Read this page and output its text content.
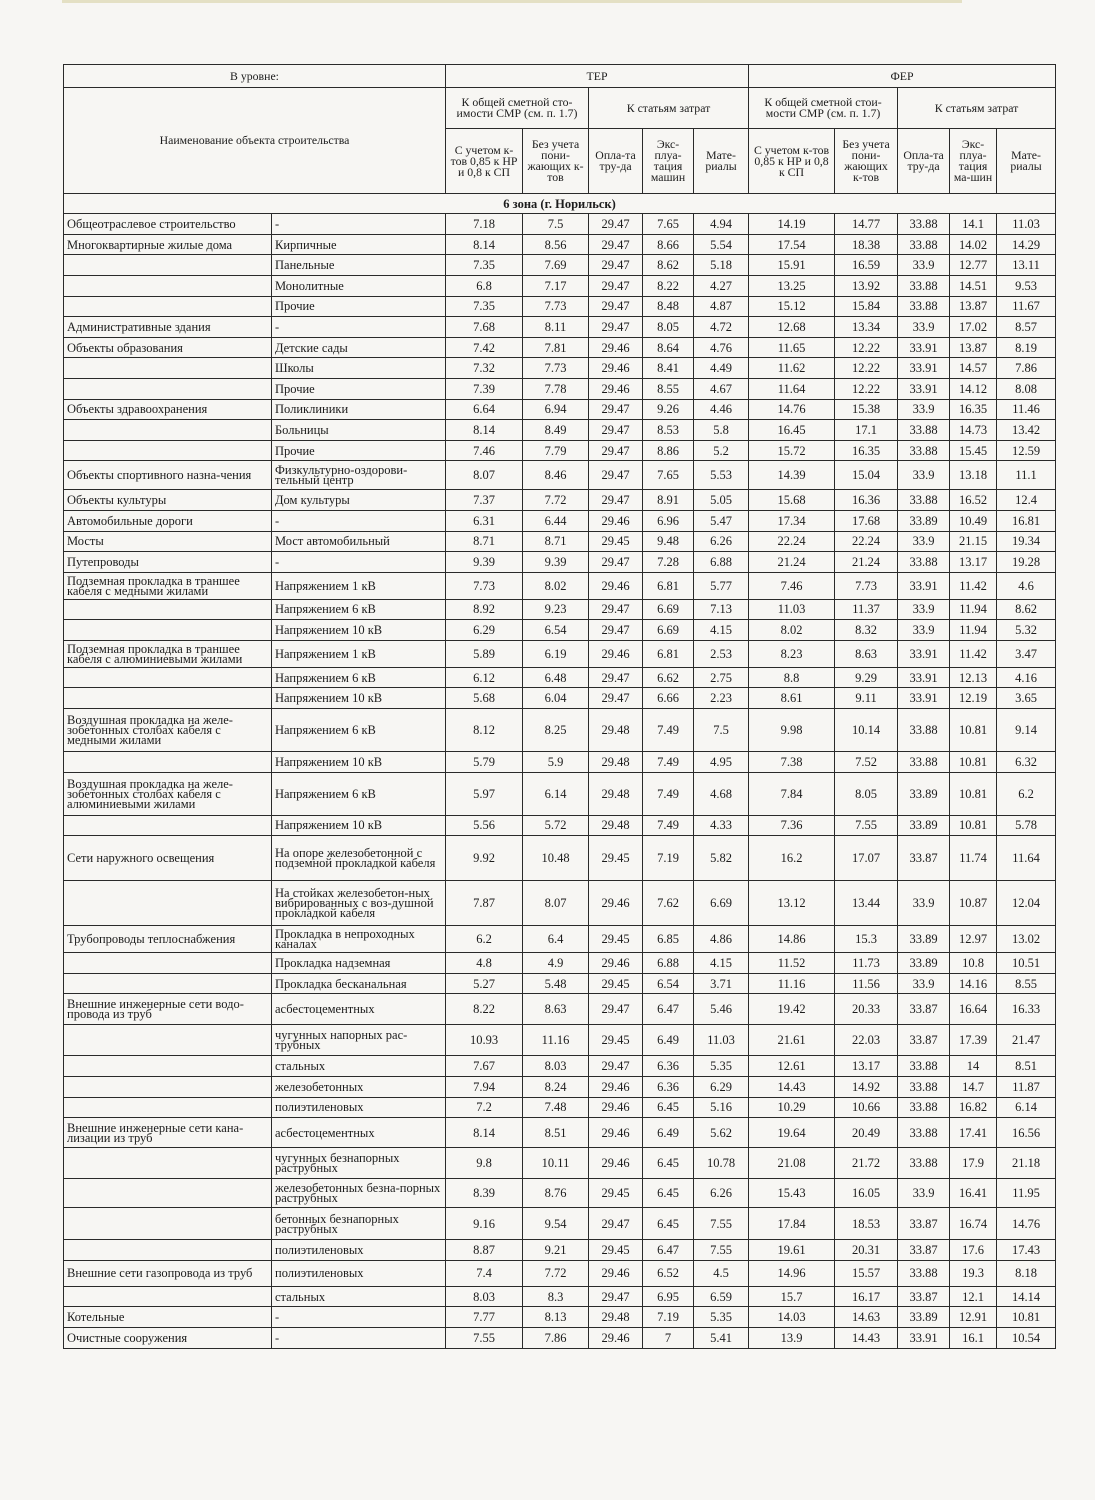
В уровне:		ТЕР					ФЕР				
Наименование объекта строительства		К общей сметной сто-имости СМР (см. п. 1.7)		К статьям затрат			К общей сметной стои-мости СМР (см. п. 1.7)		К статьям затрат		
		С учетом к-тов 0,85 к НР и 0,8 к СП	Без учета пони-жающих к-тов	Опла-та тру-да	Экс-плуа-тация машин	Мате-риалы	С учетом к-тов 0,85 к НР и 0,8 к СП	Без учета пони-жающих к-тов	Опла-та тру-да	Экс-плуа-тация ма-шин	Мате-риалы
6 зона (г. Норильск)											
Общеотраслевое строительство	-	7.18	7.5	29.47	7.65	4.94	14.19	14.77	33.88	14.1	11.03
Многоквартирные жилые дома	Кирпичные	8.14	8.56	29.47	8.66	5.54	17.54	18.38	33.88	14.02	14.29
	Панельные	7.35	7.69	29.47	8.62	5.18	15.91	16.59	33.9	12.77	13.11
	Монолитные	6.8	7.17	29.47	8.22	4.27	13.25	13.92	33.88	14.51	9.53
	Прочие	7.35	7.73	29.47	8.48	4.87	15.12	15.84	33.88	13.87	11.67
Административные здания	-	7.68	8.11	29.47	8.05	4.72	12.68	13.34	33.9	17.02	8.57
Объекты образования	Детские сады	7.42	7.81	29.46	8.64	4.76	11.65	12.22	33.91	13.87	8.19
	Школы	7.32	7.73	29.46	8.41	4.49	11.62	12.22	33.91	14.57	7.86
	Прочие	7.39	7.78	29.46	8.55	4.67	11.64	12.22	33.91	14.12	8.08
Объекты здравоохранения	Поликлиники	6.64	6.94	29.47	9.26	4.46	14.76	15.38	33.9	16.35	11.46
	Больницы	8.14	8.49	29.47	8.53	5.8	16.45	17.1	33.88	14.73	13.42
	Прочие	7.46	7.79	29.47	8.86	5.2	15.72	16.35	33.88	15.45	12.59
Объекты спортивного назна-чения	Физкультурно-оздорови-тельный центр	8.07	8.46	29.47	7.65	5.53	14.39	15.04	33.9	13.18	11.1
Объекты культуры	Дом культуры	7.37	7.72	29.47	8.91	5.05	15.68	16.36	33.88	16.52	12.4
Автомобильные дороги	-	6.31	6.44	29.46	6.96	5.47	17.34	17.68	33.89	10.49	16.81
Мосты	Мост автомобильный	8.71	8.71	29.45	9.48	6.26	22.24	22.24	33.9	21.15	19.34
Путепроводы	-	9.39	9.39	29.47	7.28	6.88	21.24	21.24	33.88	13.17	19.28
Подземная прокладка в траншее кабеля с медными жилами	Напряжением 1 кВ	7.73	8.02	29.46	6.81	5.77	7.46	7.73	33.91	11.42	4.6
	Напряжением 6 кВ	8.92	9.23	29.47	6.69	7.13	11.03	11.37	33.9	11.94	8.62
	Напряжением 10 кВ	6.29	6.54	29.47	6.69	4.15	8.02	8.32	33.9	11.94	5.32
Подземная прокладка в траншее кабеля с алюминиевыми жилами	Напряжением 1 кВ	5.89	6.19	29.46	6.81	2.53	8.23	8.63	33.91	11.42	3.47
	Напряжением 6 кВ	6.12	6.48	29.47	6.62	2.75	8.8	9.29	33.91	12.13	4.16
	Напряжением 10 кВ	5.68	6.04	29.47	6.66	2.23	8.61	9.11	33.91	12.19	3.65
Воздушная прокладка на желе-зобетонных столбах кабеля с медными жилами	Напряжением 6 кВ	8.12	8.25	29.48	7.49	7.5	9.98	10.14	33.88	10.81	9.14
	Напряжением 10 кВ	5.79	5.9	29.48	7.49	4.95	7.38	7.52	33.88	10.81	6.32
Воздушная прокладка на желе-зобетонных столбах кабеля с алюминиевыми жилами	Напряжением 6 кВ	5.97	6.14	29.48	7.49	4.68	7.84	8.05	33.89	10.81	6.2
	Напряжением 10 кВ	5.56	5.72	29.48	7.49	4.33	7.36	7.55	33.89	10.81	5.78
Сети наружного освещения	На опоре железобетонной с подземной прокладкой кабеля	9.92	10.48	29.45	7.19	5.82	16.2	17.07	33.87	11.74	11.64
	На стойках железобетон-ных вибрированных с воз-душной прокладкой кабеля	7.87	8.07	29.46	7.62	6.69	13.12	13.44	33.9	10.87	12.04
Трубопроводы теплоснабжения	Прокладка в непроходных каналах	6.2	6.4	29.45	6.85	4.86	14.86	15.3	33.89	12.97	13.02
	Прокладка надземная	4.8	4.9	29.46	6.88	4.15	11.52	11.73	33.89	10.8	10.51
	Прокладка бесканальная	5.27	5.48	29.45	6.54	3.71	11.16	11.56	33.9	14.16	8.55
Внешние инженерные сети водо-провода из труб	асбестоцементных	8.22	8.63	29.47	6.47	5.46	19.42	20.33	33.87	16.64	16.33
	чугунных напорных рас-трубных	10.93	11.16	29.45	6.49	11.03	21.61	22.03	33.87	17.39	21.47
	стальных	7.67	8.03	29.47	6.36	5.35	12.61	13.17	33.88	14	8.51
	железобетонных	7.94	8.24	29.46	6.36	6.29	14.43	14.92	33.88	14.7	11.87
	полиэтиленовых	7.2	7.48	29.46	6.45	5.16	10.29	10.66	33.88	16.82	6.14
Внешние инженерные сети кана-лизации из труб	асбестоцементных	8.14	8.51	29.46	6.49	5.62	19.64	20.49	33.88	17.41	16.56
	чугунных безнапорных раструбных	9.8	10.11	29.46	6.45	10.78	21.08	21.72	33.88	17.9	21.18
	железобетонных безна-порных раструбных	8.39	8.76	29.45	6.45	6.26	15.43	16.05	33.9	16.41	11.95
	бетонных безнапорных раструбных	9.16	9.54	29.47	6.45	7.55	17.84	18.53	33.87	16.74	14.76
	полиэтиленовых	8.87	9.21	29.45	6.47	7.55	19.61	20.31	33.87	17.6	17.43
Внешние сети газопровода из труб	полиэтиленовых	7.4	7.72	29.46	6.52	4.5	14.96	15.57	33.88	19.3	8.18
	стальных	8.03	8.3	29.47	6.95	6.59	15.7	16.17	33.87	12.1	14.14
Котельные	-	7.77	8.13	29.48	7.19	5.35	14.03	14.63	33.89	12.91	10.81
Очистные сооружения	-	7.55	7.86	29.46	7	5.41	13.9	14.43	33.91	16.1	10.54
